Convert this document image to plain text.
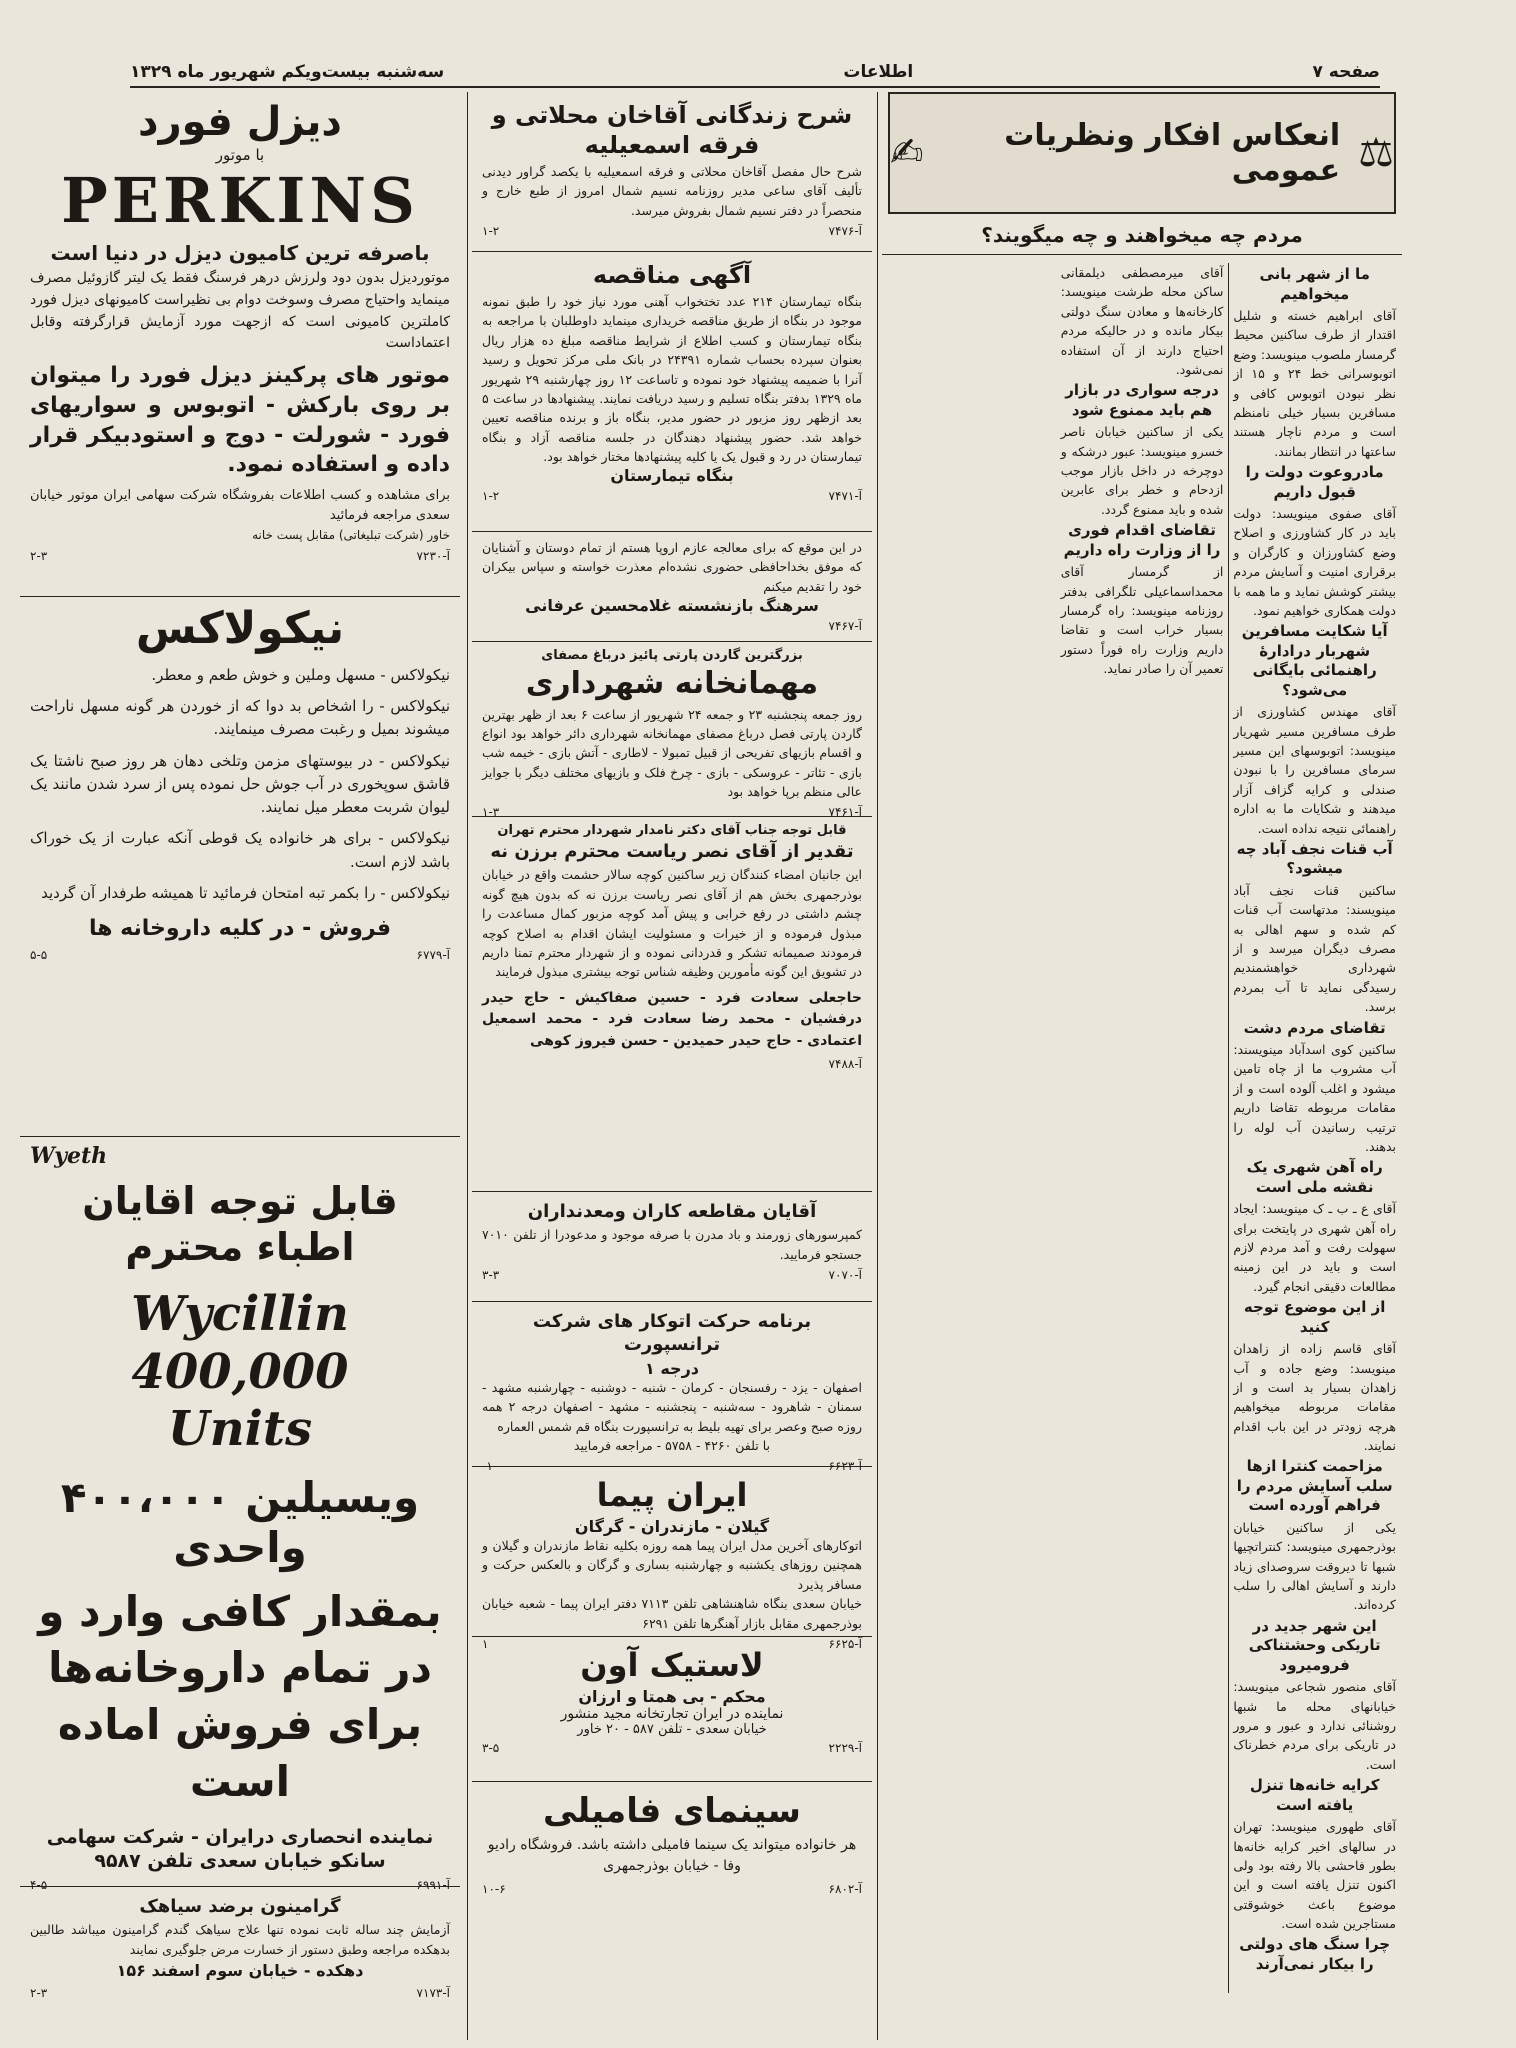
صفحه ۷
اطلاعات
سه‌شنبه بیست‌ویکم شهریور ماه ۱۳۲۹
دیزل فورد
با موتور
PERKINS
باصرفه ترین کامیون دیزل در دنیا است

موتوردیزل بدون دود ولرزش درهر فرسنگ فقط یک لیتر گازوئیل مصرف مینماید واحتیاج مصرف وسوخت دوام بی نظیراست کامیونهای دیزل فورد کاملترین کامیونی است که ازجهت مورد آزمایش قرارگرفته وقابل اعتماداست

موتور های پرکینز دیزل فورد را میتوان بر روی بارکش - اتوبوس و سواریهای فورد - شورلت - دوج و استودبیکر قرار داده و استفاده نمود.

برای مشاهده و کسب اطلاعات بفروشگاه شرکت سهامی ایران موتور خیابان سعدی مراجعه فرمائید

خاور (شرکت تبلیغاتی) مقابل پست خانه

۲-۳	آ-۷۲۳۰
نیکولاکس

نیکولاکس - مسهل وملین و خوش طعم و معطر.

نیکولاکس - را اشخاص بد دوا که از خوردن هر گونه مسهل ناراحت میشوند بمیل و رغبت مصرف مینمایند.

نیکولاکس - در بیوستهای مزمن وتلخی دهان هر روز صبح ناشتا یک قاشق سوپخوری در آب جوش حل نموده پس از سرد شدن مانند یک لیوان شربت معطر میل نمایند.

نیکولاکس - برای هر خانواده یک قوطی آنکه عبارت از یک خوراک باشد لازم است.

نیکولاکس - را بکمر تبه امتحان فرمائید تا همیشه طرفدار آن گردید

فروش - در کلیه داروخانه ها
۵-۵	آ-۶۷۷۹
Wyeth
قابل توجه اقایان اطباء محترم
Wycillin 400,000
Units
ویسیلین ۴۰۰،۰۰۰ واحدی
بمقدار کافی وارد و در تمام داروخانه‌ها برای فروش اماده است
نماینده انحصاری درایران - شرکت سهامی سانکو خیابان سعدی تلفن ۹۵۸۷
۴-۵	آ-۶۹۹۱
گرامینون برضد سیاهک

آزمایش چند ساله ثابت نموده تنها علاج سیاهک گندم گرامینون میباشد طالبین بدهکده مراجعه وطبق دستور از خسارت مرض جلوگیری نمایند

دهکده - خیابان سوم اسفند ۱۵۶
۲-۳	آ-۷۱۷۳
شرح زندگانی آقاخان محلاتی و فرقه اسمعیلیه

شرح حال مفصل آقاخان محلاتی و فرقه اسمعیلیه با یکصد گراور دیدنی تألیف آقای ساعی مدیر روزنامه نسیم شمال امروز از طبع خارج و منحصراً در دفتر نسیم شمال بفروش میرسد.

۱-۲	آ-۷۴۷۶
آگهی مناقصه

بنگاه تیمارستان ۲۱۴ عدد تختخواب آهنی مورد نیاز خود را طبق نمونه موجود در بنگاه از طریق مناقصه خریداری مینماید داوطلبان با مراجعه به بنگاه تیمارستان و کسب اطلاع از شرایط مناقصه مبلغ ده هزار ریال بعنوان سپرده بحساب شماره ۲۴۳۹۱ در بانک ملی مرکز تحویل و رسید آنرا با ضمیمه پیشنهاد خود نموده و تاساعت ۱۲ روز چهارشنبه ۲۹ شهریور ماه ۱۳۲۹ بدفتر بنگاه تسلیم و رسید دریافت نمایند. پیشنهادها در ساعت ۵ بعد ازظهر روز مزبور در حضور مدیر، بنگاه باز و برنده مناقصه تعیین خواهد شد. حضور پیشنهاد دهندگان در جلسه مناقصه آزاد و بنگاه تیمارستان در رد و قبول یک یا کلیه پیشنهادها مختار خواهد بود.

بنگاه تیمارستان
۱-۲	آ-۷۴۷۱

در این موقع که برای معالجه عازم اروپا هستم از تمام دوستان و آشنایان که موفق بخداحافظی حضوری نشده‌ام معذرت خواسته و سپاس بیکران خود را تقدیم میکنم

سرهنگ بازنشسته غلامحسین عرفانی
آ-۷۴۶۷
بزرگترین گاردن پارتی پائیز درباغ مصفای
مهمانخانه شهرداری

روز جمعه پنجشنبه ۲۳ و جمعه ۲۴ شهریور از ساعت ۶ بعد از ظهر بهترین گاردن پارتی فصل درباغ مصفای مهمانخانه شهرداری دائر خواهد بود انواع و اقسام بازیهای تفریحی از قبیل تمبولا - لاطاری - آتش بازی - خیمه شب بازی - تئاتر - عروسکی - بازی - چرخ فلک و بازیهای مختلف دیگر با جوایز عالی منظم برپا خواهد بود

۱-۳	آ-۷۴۶۱
قابل توجه جناب آقای دکتر نامدار شهردار محترم تهران
تقدیر از آقای نصر ریاست محترم برزن نه

این جانبان امضاء کنندگان زیر ساکنین کوچه سالار حشمت واقع در خیابان بوذرجمهری بخش هم از آقای نصر ریاست برزن نه که بدون هیچ گونه چشم داشتی در رفع خرابی و پیش آمد کوچه مزبور کمال مساعدت را مبذول فرموده و از خیرات و مسئولیت ایشان اقدام به اصلاح کوچه فرمودند صمیمانه تشکر و قدردانی نموده و از شهردار محترم تمنا داریم در تشویق این گونه مأمورین وظیفه شناس توجه بیشتری مبذول فرمایند

حاجعلی سعادت فرد - حسین صفاکیش - حاج حیدر درفشیان - محمد رضا سعادت فرد - محمد اسمعیل اعتمادی - حاج حیدر حمیدین - حسن فیروز کوهی

آ-۷۴۸۸
آقایان مقاطعه کاران ومعدنداران

کمپرسورهای زورمند و باد مدرن با صرفه موجود و مدعودرا از تلفن ۷۰۱۰ جستجو فرمایید.

۳-۳	آ-۷۰۷۰
برنامه حرکت اتوکار های شرکت ترانسپورت
درجه ۱

اصفهان - یزد - رفسنجان - کرمان - شنبه - دوشنبه - چهارشنبه مشهد - سمنان - شاهرود - سه‌شنبه - پنجشنبه - مشهد - اصفهان درجه ۲ همه روزه صبح وعصر برای تهیه بلیط به ترانسپورت بنگاه قم شمس العماره

با تلفن ۴۲۶۰ - ۵۷۵۸ - مراجعه فرمایید

-۱-	آ-۶۶۲۳
ایران پیما
گیلان - مازندران - گرگان

اتوکارهای آخرین مدل ایران پیما همه روزه بکلیه نقاط مازندران و گیلان و همچنین روزهای یکشنبه و چهارشنبه بساری و گرگان و بالعکس حرکت و مسافر پذیرد

خیابان سعدی بنگاه شاهنشاهی تلفن ۷۱۱۳ دفتر ایران پیما - شعبه خیابان بوذرجمهری مقابل بازار آهنگرها تلفن ۶۲۹۱

۱	آ-۶۶۲۵
لاستیک آون
محکم - بی همتا و ارزان
نماینده در ایران تجارتخانه مجید منشور
خیابان سعدی - تلفن ۵۸۷ - ۲۰ خاور
۳-۵	آ-۲۲۲۹
سینمای فامیلی

هر خانواده میتواند یک سینما فامیلی داشته باشد. فروشگاه رادیو وفا - خیابان بوذرجمهری

۱۰-۶	آ-۶۸۰۲
⚖
انعکاس افکار ونظریات عمومی
✍
مردم چه میخواهند و چه میگویند؟
ما از شهر بانی میخواهیم

آقای ابراهیم خسته و شلیل اقتدار از طرف ساکنین محیط گرمسار ملصوب مینویسد: وضع اتوبوسرانی خط ۲۴ و ۱۵ از نظر نبودن اتوبوس کافی و مسافرین بسیار خیلی نامنظم است و مردم ناچار هستند ساعتها در انتظار بمانند.

مادروعوت دولت را قبول داریم

آقای صفوی مینویسد: دولت باید در کار کشاورزی و اصلاح وضع کشاورزان و کارگران و برقراری امنیت و آسایش مردم بیشتر کوشش نماید و ما همه با دولت همکاری خواهیم نمود.

آیا شکایت مسافرین شهربار درادارهٔ راهنمائی بایگانی می‌شود؟

آقای مهندس کشاورزی از طرف مسافرین مسیر شهریار مینویسد: اتوبوسهای این مسیر سرمای مسافرین را با نبودن صندلی و کرایه گزاف آزار میدهند و شکایات ما به اداره راهنمائی نتیجه نداده است.

آب قنات نجف آباد چه میشود؟

ساکنین قنات نجف آباد مینویسند: مدتهاست آب قنات کم شده و سهم اهالی به مصرف دیگران میرسد و از شهرداری خواهشمندیم رسیدگی نماید تا آب بمردم برسد.

تقاضای مردم دشت

ساکنین کوی اسدآباد مینویسند: آب مشروب ما از چاه تامین میشود و اغلب آلوده است و از مقامات مربوطه تقاضا داریم ترتیب رسانیدن آب لوله را بدهند.

راه آهن شهری یک نقشه ملی است

آقای ع ـ ب ـ ک مینویسد: ایجاد راه آهن شهری در پایتخت برای سهولت رفت و آمد مردم لازم است و باید در این زمینه مطالعات دقیقی انجام گیرد.

از این موضوع توجه کنید

آقای قاسم زاده از زاهدان مینویسد: وضع جاده و آب زاهدان بسیار بد است و از مقامات مربوطه میخواهیم هرچه زودتر در این باب اقدام نمایند.

مزاحمت کنترا ازها سلب آسایش مردم را فراهم آورده است

یکی از ساکنین خیابان بوذرجمهری مینویسد: کنتراتچیها شبها تا دیروقت سروصدای زیاد دارند و آسایش اهالی را سلب کرده‌اند.

این شهر جدید در تاریکی وحشتناکی فرومیرود

آقای منصور شجاعی مینویسد: خیابانهای محله ما شبها روشنائی ندارد و عبور و مرور در تاریکی برای مردم خطرناک است.

کرایه خانه‌ها تنزل یافته است

آقای طهوری مینویسد: تهران در سالهای اخیر کرایه خانه‌ها بطور فاحشی بالا رفته بود ولی اکنون تنزل یافته است و این موضوع باعث خوشوقتی مستاجرین شده است.

چرا سنگ های دولتی را بیکار نمی‌آرند

آقای میرمصطفی دیلمقانی ساکن محله طرشت مینویسد: کارخانه‌ها و معادن سنگ دولتی بیکار مانده و در حالیکه مردم احتیاج دارند از آن استفاده نمی‌شود.

درجه سواری در بازار هم باید ممنوع شود

یکی از ساکنین خیابان ناصر خسرو مینویسد: عبور درشکه و دوچرخه در داخل بازار موجب ازدحام و خطر برای عابرین شده و باید ممنوع گردد.

تقاضای اقدام فوری را از وزارت راه داریم

از گرمسار آقای محمداسماعیلی تلگرافی بدفتر روزنامه مینویسد: راه گرمسار بسیار خراب است و تقاضا داریم وزارت راه فوراً دستور تعمیر آن را صادر نماید.
